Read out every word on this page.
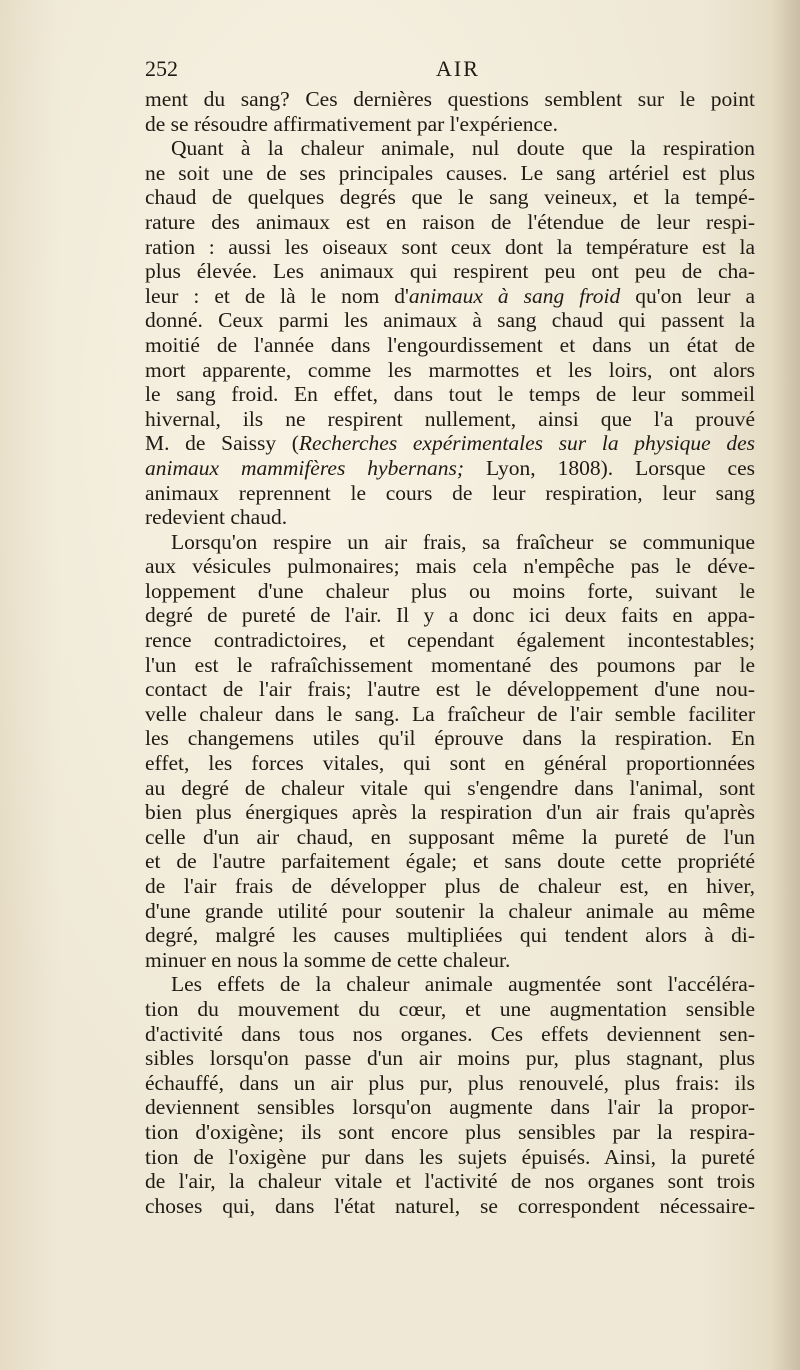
252	AIR
ment du sang? Ces dernières questions semblent sur le point
de se résoudre affirmativement par l'expérience.
Quant à la chaleur animale, nul doute que la respiration
ne soit une de ses principales causes. Le sang artériel est plus
chaud de quelques degrés que le sang veineux, et la tempé-
rature des animaux est en raison de l'étendue de leur respi-
ration : aussi les oiseaux sont ceux dont la température est la
plus élevée. Les animaux qui respirent peu ont peu de cha-
leur : et de là le nom d'animaux à sang froid qu'on leur a
donné. Ceux parmi les animaux à sang chaud qui passent la
moitié de l'année dans l'engourdissement et dans un état de
mort apparente, comme les marmottes et les loirs, ont alors
le sang froid. En effet, dans tout le temps de leur sommeil
hivernal, ils ne respirent nullement, ainsi que l'a prouvé
M. de Saissy (Recherches expérimentales sur la physique des
animaux mammifères hybernans; Lyon, 1808). Lorsque ces
animaux reprennent le cours de leur respiration, leur sang
redevient chaud.
Lorsqu'on respire un air frais, sa fraîcheur se communique
aux vésicules pulmonaires; mais cela n'empêche pas le déve-
loppement d'une chaleur plus ou moins forte, suivant le
degré de pureté de l'air. Il y a donc ici deux faits en appa-
rence contradictoires, et cependant également incontestables;
l'un est le rafraîchissement momentané des poumons par le
contact de l'air frais; l'autre est le développement d'une nou-
velle chaleur dans le sang. La fraîcheur de l'air semble faciliter
les changemens utiles qu'il éprouve dans la respiration. En
effet, les forces vitales, qui sont en général proportionnées
au degré de chaleur vitale qui s'engendre dans l'animal, sont
bien plus énergiques après la respiration d'un air frais qu'après
celle d'un air chaud, en supposant même la pureté de l'un
et de l'autre parfaitement égale; et sans doute cette propriété
de l'air frais de développer plus de chaleur est, en hiver,
d'une grande utilité pour soutenir la chaleur animale au même
degré, malgré les causes multipliées qui tendent alors à di-
minuer en nous la somme de cette chaleur.
Les effets de la chaleur animale augmentée sont l'accéléra-
tion du mouvement du cœur, et une augmentation sensible
d'activité dans tous nos organes. Ces effets deviennent sen-
sibles lorsqu'on passe d'un air moins pur, plus stagnant, plus
échauffé, dans un air plus pur, plus renouvelé, plus frais: ils
deviennent sensibles lorsqu'on augmente dans l'air la propor-
tion d'oxigène; ils sont encore plus sensibles par la respira-
tion de l'oxigène pur dans les sujets épuisés. Ainsi, la pureté
de l'air, la chaleur vitale et l'activité de nos organes sont trois
choses qui, dans l'état naturel, se correspondent nécessaire-
